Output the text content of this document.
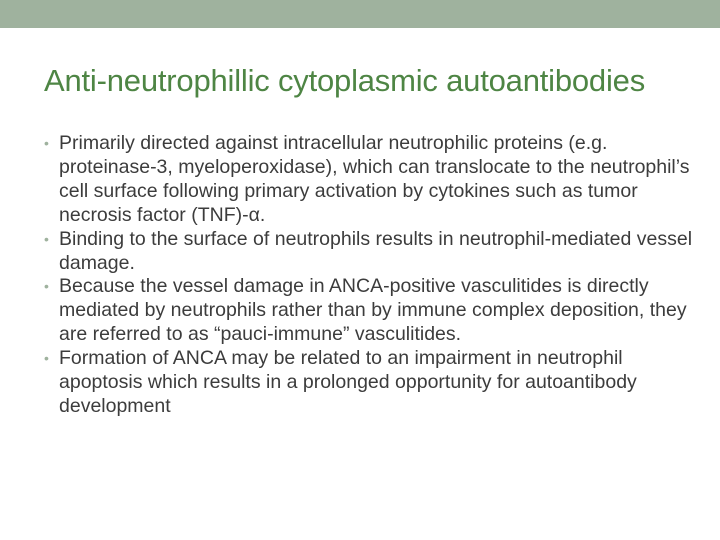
Anti-neutrophillic cytoplasmic autoantibodies
• Primarily directed against intracellular neutrophilic proteins (e.g. proteinase-3, myeloperoxidase), which can translocate to the neutrophil’s cell surface following primary activation by cytokines such as tumor necrosis factor (TNF)-α.
• Binding to the surface of neutrophils results in neutrophil-mediated vessel damage.
• Because the vessel damage in ANCA-positive vasculitides is directly mediated by neutrophils rather than by immune complex deposition, they are referred to as “pauci-immune” vasculitides.
• Formation of ANCA may be related to an impairment in neutrophil apoptosis which results in a prolonged opportunity for autoantibody development
